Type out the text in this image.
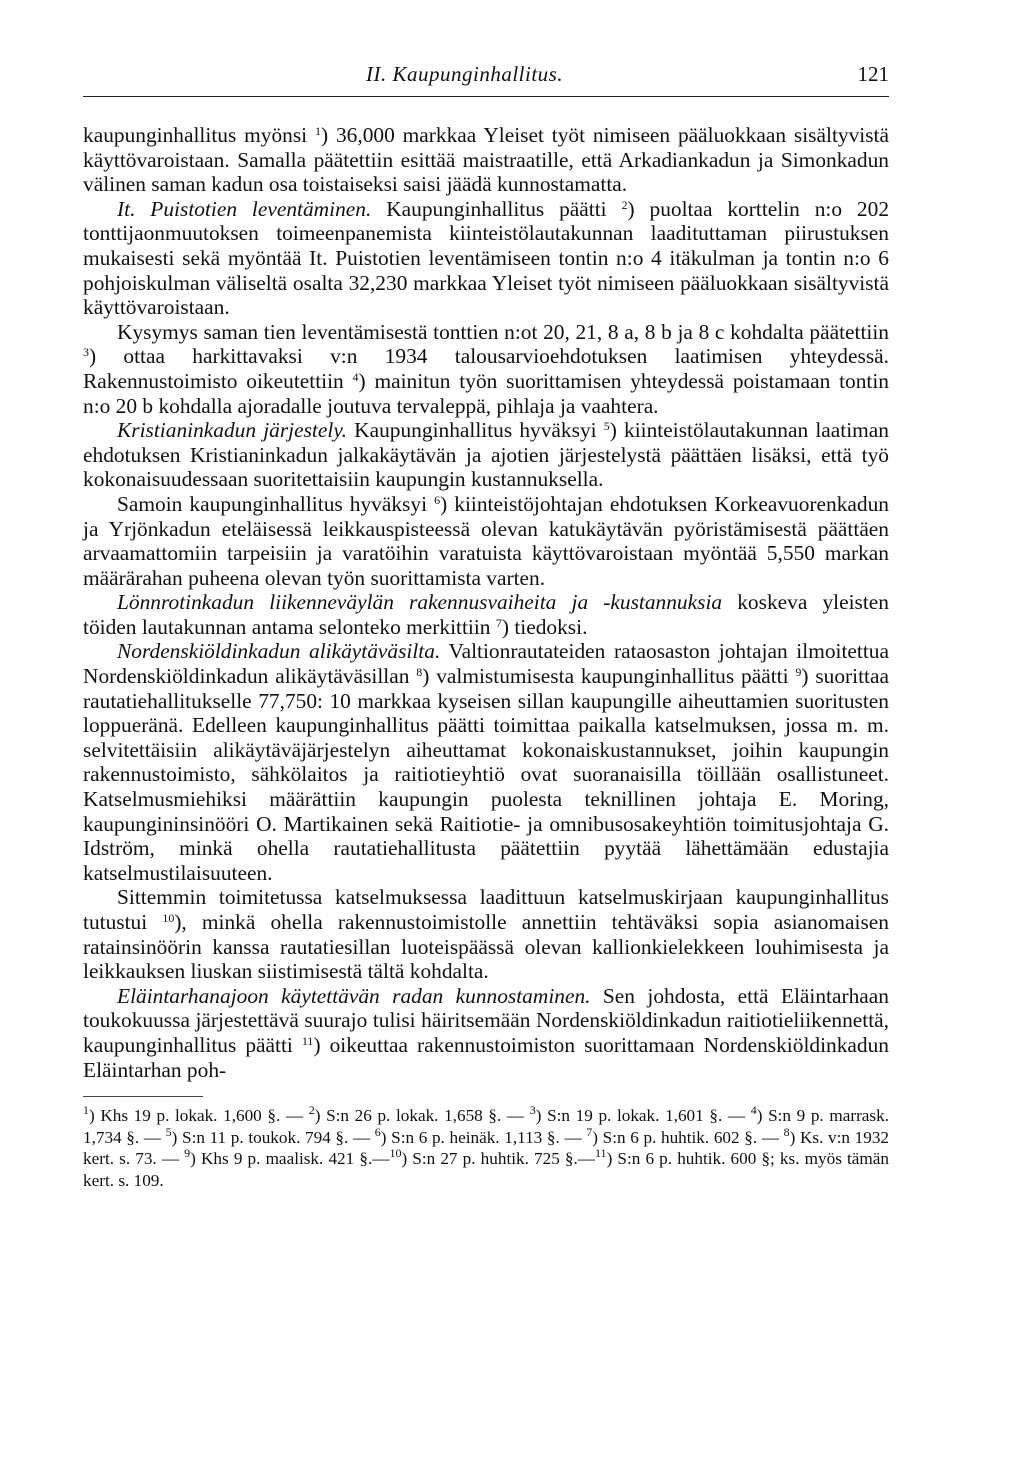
II. Kaupunginhallitus.	121

kaupunginhallitus myönsi $^1$) 36,000 markkaa Yleiset työt nimiseen pääluokkaan sisältyvistä käyttövaroistaan. Samalla päätettiin esittää maistraatille, että Arkadiankadun ja Simonkadun välinen saman kadun osa toistaiseksi saisi jäädä kunnostamatta.

It. Puistotien leventäminen. Kaupunginhallitus päätti $^2$) puoltaa korttelin n:o 202 tonttijaonmuutoksen toimeenpanemista kiinteistölautakunnan laadituttaman piirustuksen mukaisesti sekä myöntää It. Puistotien leventämiseen tontin n:o 4 itäkulman ja tontin n:o 6 pohjoiskulman väliseltä osalta 32,230 markkaa Yleiset työt nimiseen pääluokkaan sisältyvistä käyttövaroistaan.

Kysymys saman tien leventämisestä tonttien n:ot 20, 21, 8 a, 8 b ja 8 c kohdalta päätettiin $^3$) ottaa harkittavaksi v:n 1934 talousarvioehdotuksen laatimisen yhteydessä. Rakennustoimisto oikeutettiin $^4$) mainitun työn suorittamisen yhteydessä poistamaan tontin n:o 20 b kohdalla ajoradalle joutuva tervaleppä, pihlaja ja vaahtera.

Kristianinkadun järjestely. Kaupunginhallitus hyväksyi $^5$) kiinteistölautakunnan laatiman ehdotuksen Kristianinkadun jalkakäytävän ja ajotien järjestelystä päättäen lisäksi, että työ kokonaisuudessaan suoritettaisiin kaupungin kustannuksella.

Samoin kaupunginhallitus hyväksyi $^6$) kiinteistöjohtajan ehdotuksen Korkeavuorenkadun ja Yrjönkadun eteläisessä leikkauspisteessä olevan katukäytävän pyöristämisestä päättäen arvaamattomiin tarpeisiin ja varatöihin varatuista käyttövaroistaan myöntää 5,550 markan määrärahan puheena olevan työn suorittamista varten.

Lönnrotinkadun liikenneväylän rakennusvaiheita ja -kustannuksia koskeva yleisten töiden lautakunnan antama selonteko merkittiin $^7$) tiedoksi.

Nordenskiöldinkadun alikäytäväsilta. Valtionrautateiden rataosaston johtajan ilmoitettua Nordenskiöldinkadun alikäytäväsillan $^8$) valmistumisesta kaupunginhallitus päätti $^9$) suorittaa rautatiehallitukselle 77,750: 10 markkaa kyseisen sillan kaupungille aiheuttamien suoritusten loppueränä. Edelleen kaupunginhallitus päätti toimittaa paikalla katselmuksen, jossa m. m. selvitettäisiin alikäytäväjärjestelyn aiheuttamat kokonaiskustannukset, joihin kaupungin rakennustoimisto, sähkölaitos ja raitiotieyhtiö ovat suoranaisilla töillään osallistuneet. Katselmusmiehiksi määrättiin kaupungin puolesta teknillinen johtaja E. Moring, kaupungininsinööri O. Martikainen sekä Raitiotie- ja omnibusosakeyhtiön toimitusjohtaja G. Idström, minkä ohella rautatiehallitusta päätettiin pyytää lähettämään edustajia katselmustilaisuuteen.

Sittemmin toimitetussa katselmuksessa laadittuun katselmuskirjaan kaupunginhallitus tutustui $^{10}$), minkä ohella rakennustoimistolle annettiin tehtäväksi sopia asianomaisen ratainsinöörin kanssa rautatiesillan luoteispäässä olevan kallionkielekkeen louhimisesta ja leikkauksen liuskan siistimisestä tältä kohdalta.

Eläintarhanajoon käytettävän radan kunnostaminen. Sen johdosta, että Eläintarhaan toukokuussa järjestettävä suurajo tulisi häiritsemään Nordenskiöldinkadun raitiotieliikennettä, kaupunginhallitus päätti $^{11}$) oikeuttaa rakennustoimiston suorittamaan Nordenskiöldinkadun Eläintarhan poh-

$^1$) Khs 19 p. lokak. 1,600 §. — $^2$) S:n 26 p. lokak. 1,658 §. — $^3$) S:n 19 p. lokak. 1,601 §. — $^4$) S:n 9 p. marrask. 1,734 §. — $^5$) S:n 11 p. toukok. 794 §. — $^6$) S:n 6 p. heinäk. 1,113 §. — $^7$) S:n 6 p. huhtik. 602 §. — $^8$) Ks. v:n 1932 kert. s. 73. — $^9$) Khs 9 p. maalisk. 421 §.—$^{10}$) S:n 27 p. huhtik. 725 §.—$^{11}$) S:n 6 p. huhtik. 600 §; ks. myös tämän kert. s. 109.
